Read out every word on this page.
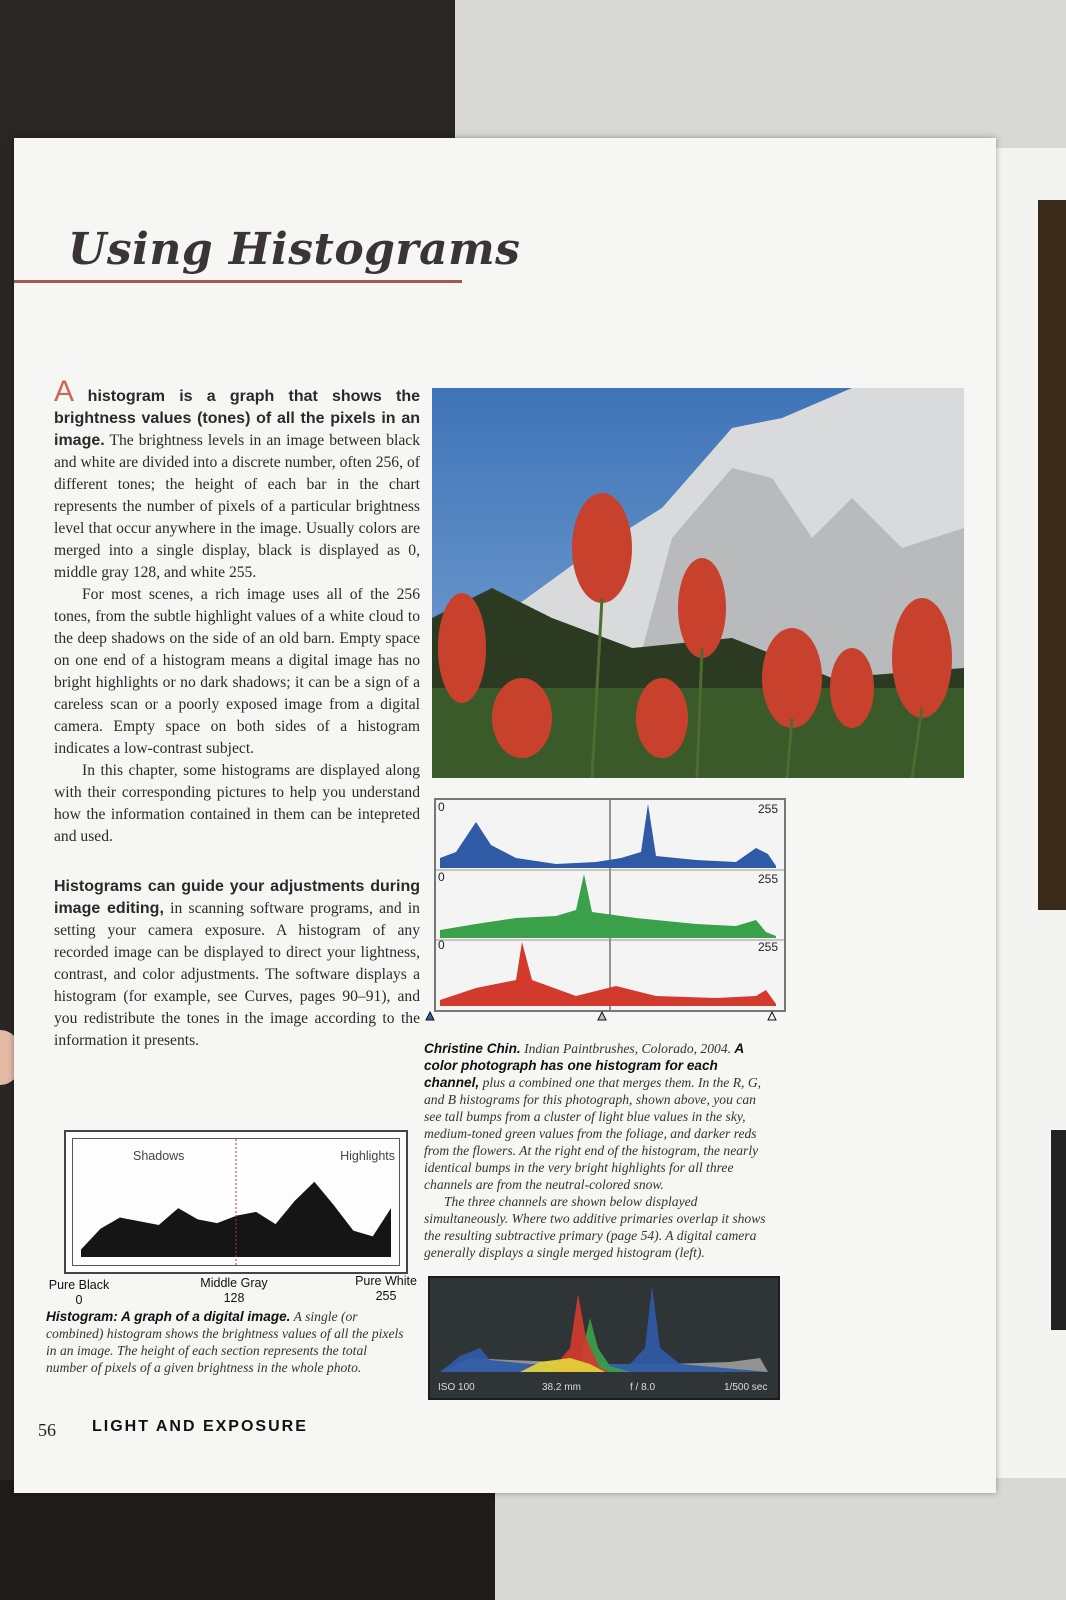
Using Histograms

A histogram is a graph that shows the brightness values (tones) of all the pixels in an image. The brightness levels in an image between black and white are divided into a discrete number, often 256, of different tones; the height of each bar in the chart represents the number of pixels of a particular brightness level that occur anywhere in the image. Usually colors are merged into a single display, black is displayed as 0, middle gray 128, and white 255.

For most scenes, a rich image uses all of the 256 tones, from the subtle highlight values of a white cloud to the deep shadows on the side of an old barn. Empty space on one end of a histogram means a digital image has no bright highlights or no dark shadows; it can be a sign of a careless scan or a poorly exposed image from a digital camera. Empty space on both sides of a histogram indicates a low-contrast subject.

In this chapter, some histograms are displayed along with their corresponding pictures to help you understand how the information contained in them can be intepreted and used.

Histograms can guide your adjustments during image editing, in scanning software programs, and in setting your camera exposure. A histogram of any recorded image can be displayed to direct your lightness, contrast, and color adjustments. The software displays a histogram (for example, see Curves, pages 90–91), and you redistribute the tones in the image according to the information it presents.

Shadows	Highlights
Pure Black
0
Middle Gray
128
Pure White
255

Histogram: A graph of a digital image. A single (or combined) histogram shows the brightness values of all the pixels in an image. The height of each section represents the total number of pixels of a given brightness in the whole photo.

0	255
0	255
0	255

Christine Chin. Indian Paintbrushes, Colorado, 2004. A color photograph has one histogram for each channel, plus a combined one that merges them. In the R, G, and B histograms for this photograph, shown above, you can see tall bumps from a cluster of light blue values in the sky, medium-toned green values from the foliage, and darker reds from the flowers. At the right end of the histogram, the nearly identical bumps in the very bright highlights for all three channels are from the neutral-colored snow.

The three channels are shown below displayed simultaneously. Where two additive primaries overlap it shows the resulting subtractive primary (page 54). A digital camera generally displays a single merged histogram (left).

ISO 100	38.2 mm	f / 8.0	1/500 sec
56 LIGHT AND EXPOSURE
